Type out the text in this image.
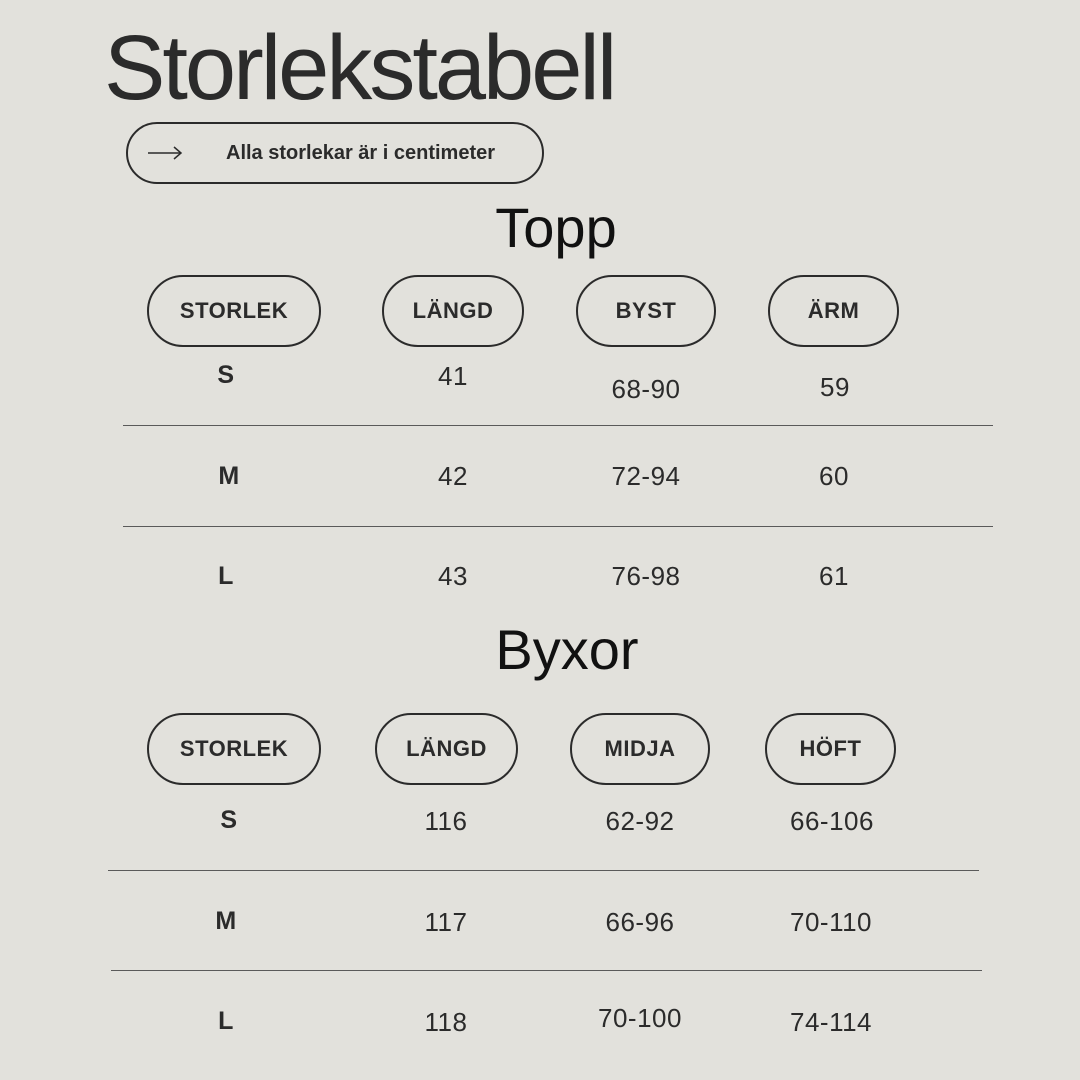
Storlekstabell
Alla storlekar är i centimeter
Topp
STORLEK	LÄNGD	BYST	ÄRM
S	41	68-90	59
M	42	72-94	60
L	43	76-98	61
Byxor
STORLEK	LÄNGD	MIDJA	HÖFT
S	116	62-92	66-106
M	117	66-96	70-110
L	118	70-100	74-114
